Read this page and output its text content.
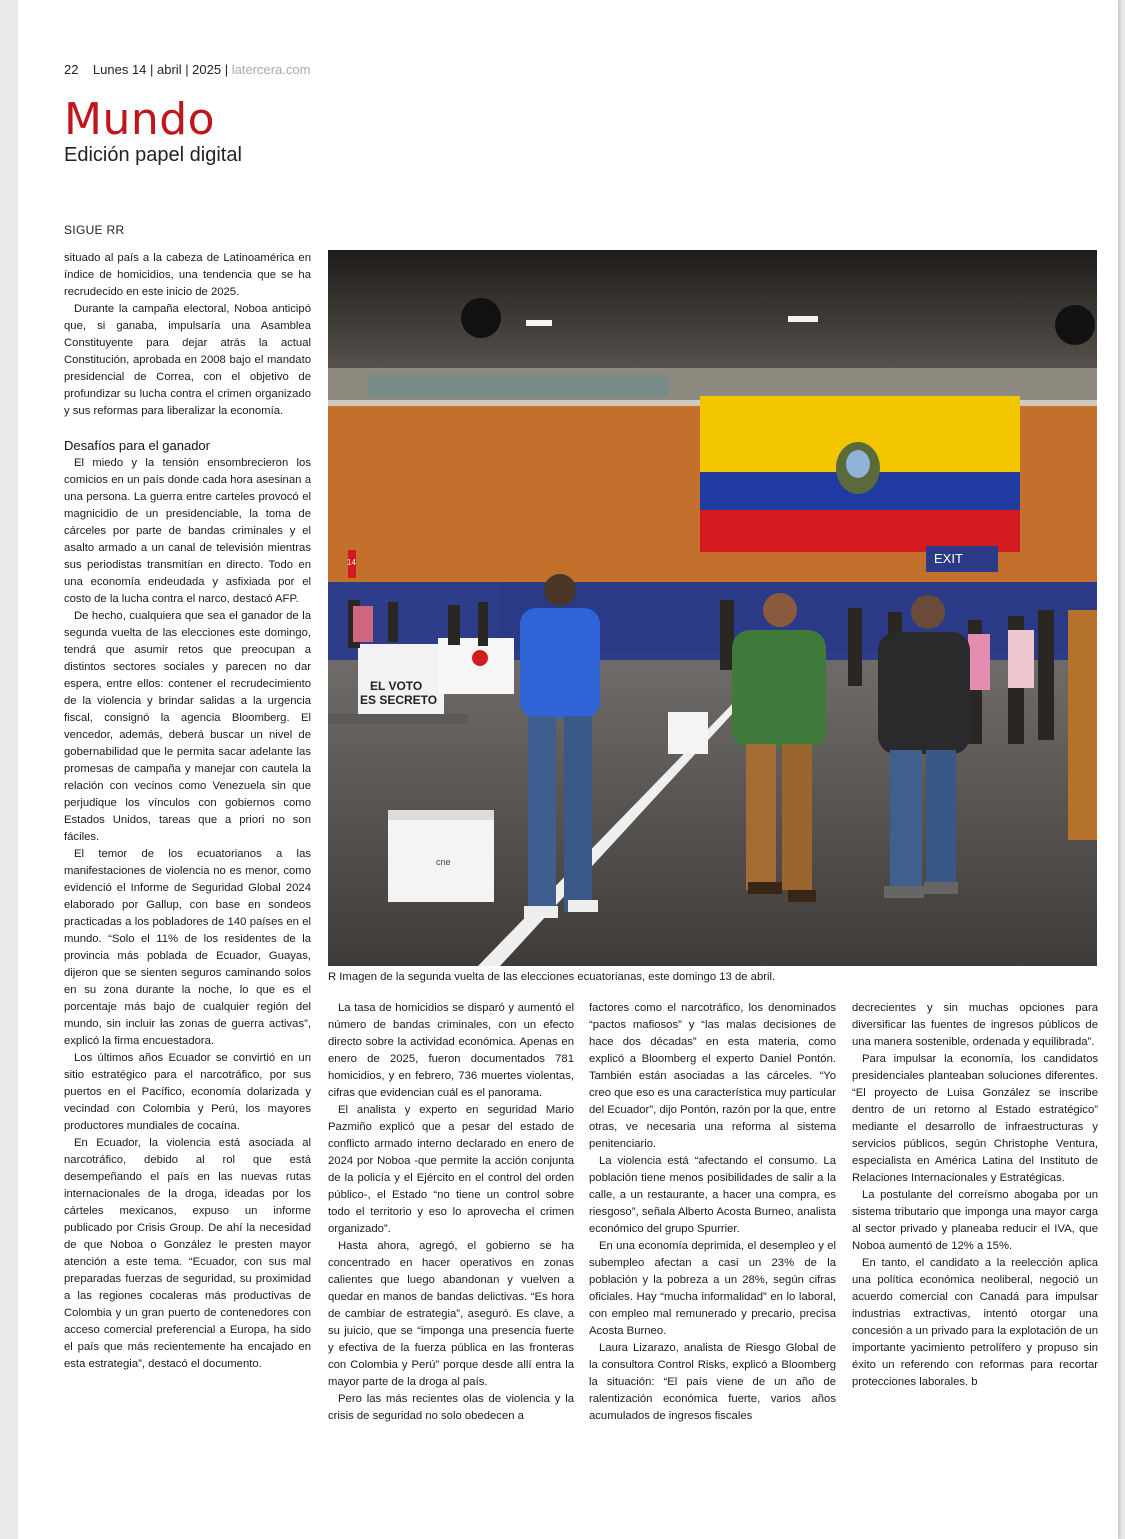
22 Lunes 14 | abril | 2025 | latercera.com
Mundo
Edición papel digital
SIGUE RR

situado al país a la cabeza de Latinoamérica en índice de homicidios, una tendencia que se ha recrudecido en este inicio de 2025.

Durante la campaña electoral, Noboa anticipó que, si ganaba, impulsaría una Asamblea Constituyente para dejar atrás la actual Constitución, aprobada en 2008 bajo el mandato presidencial de Correa, con el objetivo de profundizar su lucha contra el crimen organizado y sus reformas para liberalizar la economía.

Desafíos para el ganador

El miedo y la tensión ensombrecieron los comicios en un país donde cada hora asesinan a una persona. La guerra entre carteles provocó el magnicidio de un presidenciable, la toma de cárceles por parte de bandas criminales y el asalto armado a un canal de televisión mientras sus periodistas transmitían en directo. Todo en una economía endeudada y asfixiada por el costo de la lucha contra el narco, destacó AFP.

De hecho, cualquiera que sea el ganador de la segunda vuelta de las elecciones este domingo, tendrá que asumir retos que preocupan a distintos sectores sociales y parecen no dar espera, entre ellos: contener el recrudecimiento de la violencia y brindar salidas a la urgencia fiscal, consignó la agencia Bloomberg. El vencedor, además, deberá buscar un nivel de gobernabilidad que le permita sacar adelante las promesas de campaña y manejar con cautela la relación con vecinos como Venezuela sin que perjudique los vínculos con gobiernos como Estados Unidos, tareas que a priori no son fáciles.

El temor de los ecuatorianos a las manifestaciones de violencia no es menor, como evidenció el Informe de Seguridad Global 2024 elaborado por Gallup, con base en sondeos practicadas a los pobladores de 140 países en el mundo. “Solo el 11% de los residentes de la provincia más poblada de Ecuador, Guayas, dijeron que se sienten seguros caminando solos en su zona durante la noche, lo que es el porcentaje más bajo de cualquier región del mundo, sin incluir las zonas de guerra activas”, explicó la firma encuestadora.

Los últimos años Ecuador se convirtió en un sitio estratégico para el narcotráfico, por sus puertos en el Pacífico, economía dolarizada y vecindad con Colombia y Perú, los mayores productores mundiales de cocaína.

En Ecuador, la violencia está asociada al narcotráfico, debido al rol que está desempeñando el país en las nuevas rutas internacionales de la droga, ideadas por los cárteles mexicanos, expuso un informe publicado por Crisis Group. De ahí la necesidad de que Noboa o González le presten mayor atención a este tema. “Ecuador, con sus mal preparadas fuerzas de seguridad, su proximidad a las regiones cocaleras más productivas de Colombia y un gran puerto de contenedores con acceso comercial preferencial a Europa, ha sido el país que más recientemente ha encajado en esta estrategia”, destacó el documento.

EXIT
14
EL VOTO
ES SECRETO
cne
R Imagen de la segunda vuelta de las elecciones ecuatorianas, este domingo 13 de abril.

La tasa de homicidios se disparó y aumentó el número de bandas criminales, con un efecto directo sobre la actividad económica. Apenas en enero de 2025, fueron documentados 781 homicidios, y en febrero, 736 muertes violentas, cifras que evidencian cuál es el panorama.

El analista y experto en seguridad Mario Pazmiño explicó que a pesar del estado de conflicto armado interno declarado en enero de 2024 por Noboa -que permite la acción conjunta de la policía y el Ejército en el control del orden público-, el Estado “no tiene un control sobre todo el territorio y eso lo aprovecha el crimen organizado”.

Hasta ahora, agregó, el gobierno se ha concentrado en hacer operativos en zonas calientes que luego abandonan y vuelven a quedar en manos de bandas delictivas. “Es hora de cambiar de estrategia”, aseguró. Es clave, a su juicio, que se “imponga una presencia fuerte y efectiva de la fuerza pública en las fronteras con Colombia y Perú” porque desde allí entra la mayor parte de la droga al país.

Pero las más recientes olas de violencia y la crisis de seguridad no solo obedecen a

factores como el narcotráfico, los denominados “pactos mafiosos” y “las malas decisiones de hace dos décadas” en esta materia, como explicó a Bloomberg el experto Daniel Pontón. También están asociadas a las cárceles. “Yo creo que eso es una característica muy particular del Ecuador”, dijo Pontón, razón por la que, entre otras, ve necesaria una reforma al sistema penitenciario.

La violencia está “afectando el consumo. La población tiene menos posibilidades de salir a la calle, a un restaurante, a hacer una compra, es riesgoso”, señala Alberto Acosta Burneo, analista económico del grupo Spurrier.

En una economía deprimida, el desempleo y el subempleo afectan a casi un 23% de la población y la pobreza a un 28%, según cifras oficiales. Hay “mucha informalidad” en lo laboral, con empleo mal remunerado y precario, precisa Acosta Burneo.

Laura Lizarazo, analista de Riesgo Global de la consultora Control Risks, explicó a Bloomberg la situación: “El país viene de un año de ralentización económica fuerte, varios años acumulados de ingresos fiscales

decrecientes y sin muchas opciones para diversificar las fuentes de ingresos públicos de una manera sostenible, ordenada y equilibrada”.

Para impulsar la economía, los candidatos presidenciales planteaban soluciones diferentes. “El proyecto de Luisa González se inscribe dentro de un retorno al Estado estratégico” mediante el desarrollo de infraestructuras y servicios públicos, según Christophe Ventura, especialista en América Latina del Instituto de Relaciones Internacionales y Estratégicas.

La postulante del correísmo abogaba por un sistema tributario que imponga una mayor carga al sector privado y planeaba reducir el IVA, que Noboa aumentó de 12% a 15%.

En tanto, el candidato a la reelección aplica una política económica neoliberal, negoció un acuerdo comercial con Canadá para impulsar industrias extractivas, intentó otorgar una concesión a un privado para la explotación de un importante yacimiento petrolífero y propuso sin éxito un referendo con reformas para recortar protecciones laborales. b
